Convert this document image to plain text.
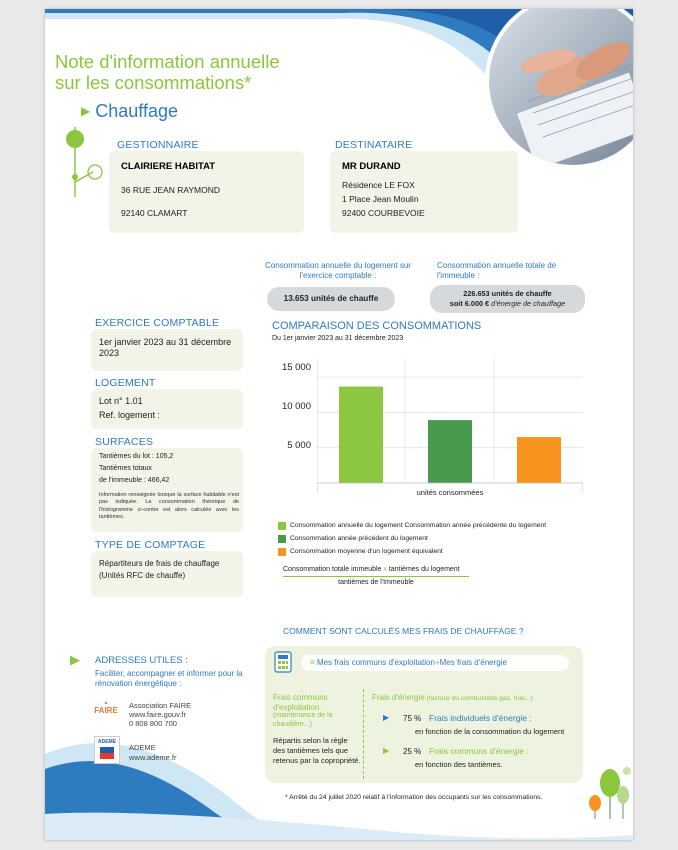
Note d'information annuelle
sur les consommations*
▶ Chauffage
GESTIONNAIRE
CLAIRIERE HABITAT
36 RUE JEAN RAYMOND
92140 CLAMART
DESTINATAIRE
MR DURAND
Résidence LE FOX
1 Place Jean Moulin
92400 COURBEVOIE
Consommation annuelle du logement sur l'exercice comptable :
13.653 unités de chauffe
Consommation annuelle totale de l'immeuble :
226.653 unités de chauffe
soit 6.000 € d'énergie de chauffage
EXERCICE COMPTABLE
1er janvier 2023 au 31 décembre 2023
LOGEMENT
Lot n° 1.01
Ref. logement :
SURFACES
Tantièmes du lot : 105,2
Tantièmes totaux
de l'immeuble : 466,42
Information renseignée lorsque la surface habitable n'est pas indiquée. La consommation théorique de l'histogramme ci-contre est alors calculée avec les tantièmes.
TYPE DE COMPTAGE
Répartiteurs de frais de chauffage (Unités RFC de chauffe)
COMPARAISON DES CONSOMMATIONS
Du 1er janvier 2023 au 31 décembre 2023
15 000
10 000
5 000
unités consommées
Consommation annuelle du logement Consommation année précédente du logement
Consommation année précédent du logement
Consommation moyenne d'un logement équivalent
Consommation totale immeuble x tantièmes du logement
tantièmes de l'Immeuble
COMMENT SONT CALCULÉS MES FRAIS DE CHAUFFAGE ?
= Mes frais communs d'exploitation+Mes frais d'énergie
Frais communs d'exploitation
(maintenance de la chaudière...)
Répartis selon la règle des tantièmes tels que retenus par la copropriété.
Frais d'énergie (facture du combustible gaz, fuel...)
▶ 75 % Frais individuels d'énergie :
en fonction de la consommation du logement
▶ 25 % Frais communs d'énergie :
en fonction des tantièmes.
▶ ADRESSES UTILES :
Faciliter, accompagner et informer pour la rénovation énergétique :
▲
FAIRE
Association FAIRE
www.faire.gouv.fr
0 808 800 700
ADEME
ADEME
www.ademe.fr
* Arrêté du 24 juillet 2020 relatif à l'information des occupants sur les consommations.
